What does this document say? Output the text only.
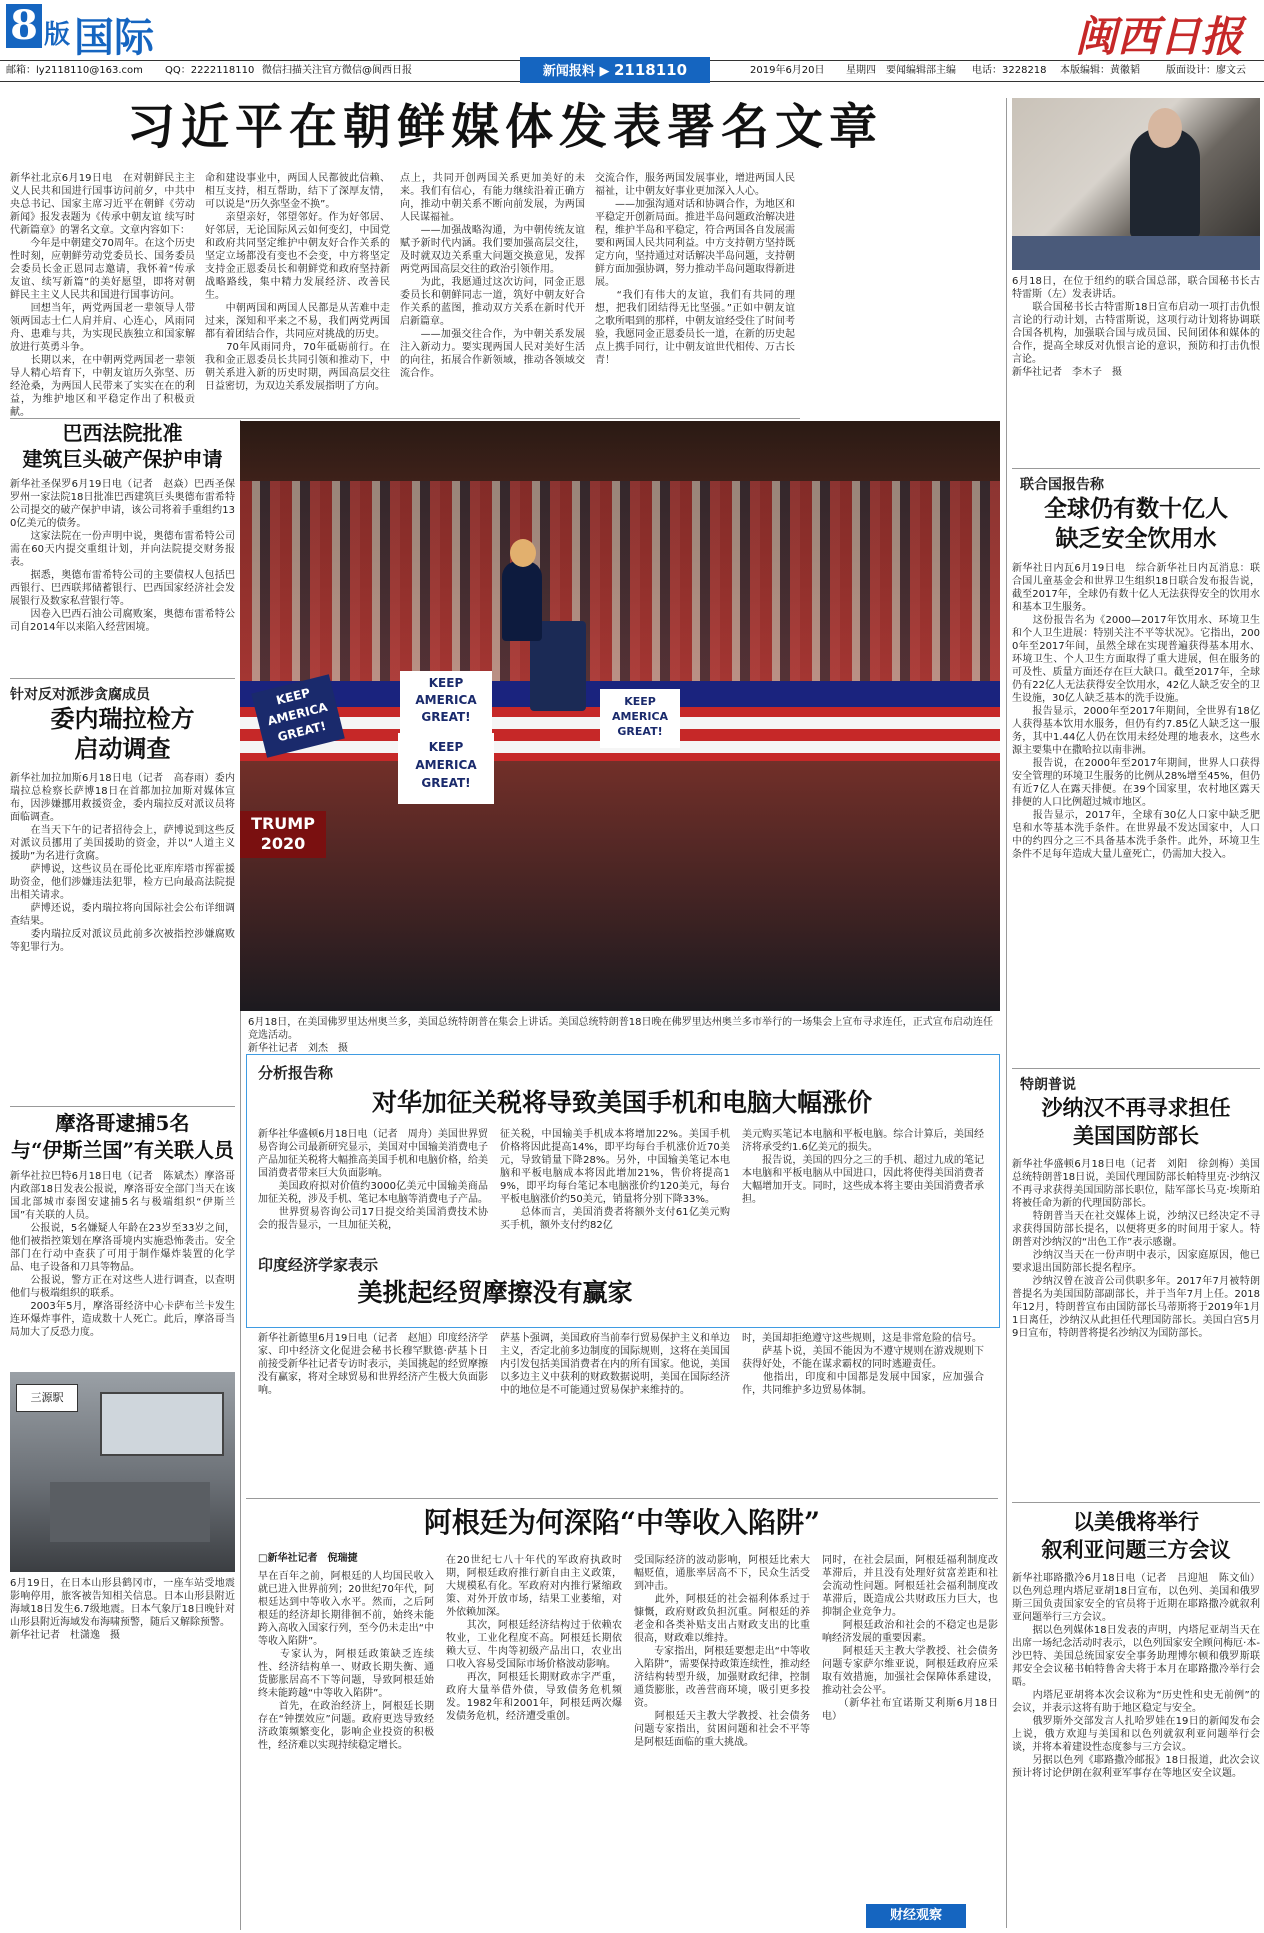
8 版 国际	闽西日报
邮箱：ly2118110@163.com QQ：2222118110 微信扫描关注官方微信@阆西日报	新闻报料 ▶ 2118110	2019年6月20日 星期四 要闻编辑部主编 电话：3228218 本版编辑：黄徽韬	版面设计：廖文云
习近平在朝鲜媒体发表署名文章

新华社北京6月19日电　在对朝鲜民主主义人民共和国进行国事访问前夕，中共中央总书记、国家主席习近平在朝鲜《劳动新闻》报发表题为《传承中朝友谊 续写时代新篇章》的署名文章。文章内容如下：
　　今年是中朝建交70周年。在这个历史性时刻，应朝鲜劳动党委员长、国务委员会委员长金正恩同志邀请，我怀着“传承友谊、续写新篇”的美好愿望，即将对朝鲜民主主义人民共和国进行国事访问。
　　回想当年，两党两国老一辈领导人带领两国志士仁人肩并肩、心连心，风雨同舟、患难与共，为实现民族独立和国家解放进行英勇斗争。
　　长期以来，在中朝两党两国老一辈领导人精心培育下，中朝友谊历久弥坚、历经沧桑，为两国人民带来了实实在在的利益，为维护地区和平稳定作出了积极贡献。

命和建设事业中，两国人民都彼此信赖、相互支持，相互帮助，结下了深厚友情，可以说是“历久弥坚金不换”。
　　亲望亲好，邻望邻好。作为好邻居、好邻居，无论国际风云如何变幻，中国党和政府共同坚定维护中朝友好合作关系的坚定立场都没有变也不会变，中方将坚定支持金正恩委员长和朝鲜党和政府坚持新战略路线，集中精力发展经济、改善民生。
　　中朝两国和两国人民都是从苦难中走过来，深知和平来之不易，我们两党两国都有着团结合作，共同应对挑战的历史。
　　70年风雨同舟，70年砥砺前行。在我和金正恩委员长共同引领和推动下，中朝关系进入新的历史时期，两国高层交往日益密切，为双边关系发展指明了方向。

点上，共同开创两国关系更加美好的未来。我们有信心，有能力继续沿着正确方向，推动中朝关系不断向前发展，为两国人民谋福祉。
　　——加强战略沟通，为中朝传统友谊赋予新时代内涵。我们要加强高层交往，及时就双边关系重大问题交换意见，发挥两党两国高层交往的政治引领作用。
　　为此，我愿通过这次访问，同金正恩委员长和朝鲜同志一道，筑好中朝友好合作关系的蓝图，推动双方关系在新时代开启新篇章。
　　——加强交往合作，为中朝关系发展注入新动力。要实现两国人民对美好生活的向往，拓展合作新领域，推动各领域交流合作。

交流合作，服务两国发展事业，增进两国人民福祉，让中朝友好事业更加深入人心。
　　——加强沟通对话和协调合作，为地区和平稳定开创新局面。推进半岛问题政治解决进程，维护半岛和平稳定，符合两国各自发展需要和两国人民共同利益。中方支持朝方坚持既定方向，坚持通过对话解决半岛问题，支持朝鲜方面加强协调，努力推动半岛问题取得新进展。
　　“我们有伟大的友谊，我们有共同的理想，把我们团结得无比坚强。”正如中朝友谊之歌所唱到的那样，中朝友谊经受住了时间考验，我愿同金正恩委员长一道，在新的历史起点上携手同行，让中朝友谊世代相传、万古长青！

6月18日，在位于纽约的联合国总部，联合国秘书长古特雷斯（左）发表讲话。
　　联合国秘书长古特雷斯18日宣布启动一项打击仇恨言论的行动计划，古特雷斯说，这项行动计划将协调联合国各机构，加强联合国与成员国、民间团体和媒体的合作，提高全球反对仇恨言论的意识，预防和打击仇恨言论。
新华社记者　李木子　摄

巴西法院批准
建筑巨头破产保护申请

新华社圣保罗6月19日电（记者　赵焱）巴西圣保罗州一家法院18日批准巴西建筑巨头奥德布雷希特公司提交的破产保护申请，该公司将着手重组约130亿美元的债务。
　　这家法院在一份声明中说，奥德布雷希特公司需在60天内提交重组计划，并向法院提交财务报表。
　　据悉，奥德布雷希特公司的主要债权人包括巴西银行、巴西联邦储蓄银行、巴西国家经济社会发展银行及数家私营银行等。
　　因卷入巴西石油公司腐败案，奥德布雷希特公司自2014年以来陷入经营困境。

针对反对派涉贪腐成员

委内瑞拉检方
启动调查

新华社加拉加斯6月18日电（记者　高春雨）委内瑞拉总检察长萨博18日在首都加拉加斯对媒体宣布，因涉嫌挪用救援资金，委内瑞拉反对派议员将面临调查。
　　在当天下午的记者招待会上，萨博说到这些反对派议员挪用了美国援助的资金，并以“人道主义援助”为名进行贪腐。
　　萨博说，这些议员在哥伦比亚库库塔市挥霍援助资金，他们涉嫌违法犯罪，检方已向最高法院提出相关请求。
　　萨博还说，委内瑞拉将向国际社会公布详细调查结果。
　　委内瑞拉反对派议员此前多次被指控涉嫌腐败等犯罪行为。

摩洛哥逮捕5名
与“伊斯兰国”有关联人员

新华社拉巴特6月18日电（记者　陈斌杰）摩洛哥内政部18日发表公报说，摩洛哥安全部门当天在该国北部城市泰图安逮捕5名与极端组织“伊斯兰国”有关联的人员。
　　公报说，5名嫌疑人年龄在23岁至33岁之间，他们被指控策划在摩洛哥境内实施恐怖袭击。安全部门在行动中查获了可用于制作爆炸装置的化学品、电子设备和刀具等物品。
　　公报说，警方正在对这些人进行调查，以查明他们与极端组织的联系。
　　2003年5月，摩洛哥经济中心卡萨布兰卡发生连环爆炸事件，造成数十人死亡。此后，摩洛哥当局加大了反恐力度。

三源駅

6月19日，在日本山形县鹤冈市，一座车站受地震影响停用，旅客被告知相关信息。日本山形县附近海域18日发生6.7级地震。日本气象厅18日晚针对山形县附近海域发布海啸预警，随后又解除预警。
新华社记者　杜潇逸　摄

KEEP AMERICA GREAT!
KEEP AMERICA GREAT!
KEEP AMERICA GREAT!
KEEP AMERICA GREAT!
TRUMP 2020

6月18日，在美国佛罗里达州奥兰多，美国总统特朗普在集会上讲话。美国总统特朗普18日晚在佛罗里达州奥兰多市举行的一场集会上宣布寻求连任，正式宣布启动连任竞选活动。
新华社记者　刘杰　摄

分析报告称

对华加征关税将导致美国手机和电脑大幅涨价

新华社华盛顿6月18日电（记者　周舟）美国世界贸易咨询公司最新研究显示，美国对中国输美消费电子产品加征关税将大幅推高美国手机和电脑价格，给美国消费者带来巨大负面影响。
　　美国政府拟对价值约3000亿美元中国输美商品加征关税，涉及手机、笔记本电脑等消费电子产品。
　　世界贸易咨询公司17日提交给美国消费技术协会的报告显示，一旦加征关税，

征关税，中国输美手机成本将增加22%。美国手机价格将因此提高14%，即平均每台手机涨价近70美元，导致销量下降28%。另外，中国输美笔记本电脑和平板电脑成本将因此增加21%，售价将提高19%，即平均每台笔记本电脑涨价约120美元，每台平板电脑涨价约50美元，销量将分别下降33%。
　　总体而言，美国消费者将额外支付61亿美元购买手机，额外支付约82亿

美元购买笔记本电脑和平板电脑。综合计算后，美国经济将承受约1.6亿美元的损失。
　　报告说，美国的四分之三的手机、超过九成的笔记本电脑和平板电脑从中国进口，因此将使得美国消费者大幅增加开支。同时，这些成本将主要由美国消费者承担。

印度经济学家表示

美挑起经贸摩擦没有赢家

新华社新德里6月19日电（记者　赵旭）印度经济学家、印中经济文化促进会秘书长穆罕默德·萨基卜日前接受新华社记者专访时表示，美国挑起的经贸摩擦没有赢家，将对全球贸易和世界经济产生极大负面影响。

萨基卜强调，美国政府当前奉行贸易保护主义和单边主义，否定北前多边制度的国际规则，这将在美国国内引发包括美国消费者在内的所有国家。他说，美国以多边主义中获利的财政数据说明，美国在国际经济中的地位是不可能通过贸易保护来维持的。

时，美国却拒绝遵守这些规则，这是非常危险的信号。
　　萨基卜说，美国不能因为不遵守规则在游戏规则下获得好处，不能在谋求霸权的同时逃避责任。
　　他指出，印度和中国都是发展中国家，应加强合作，共同维护多边贸易体制。

阿根廷为何深陷“中等收入陷阱”

□新华社记者　倪瑞捷

早在百年之前，阿根廷的人均国民收入就已进入世界前列；20世纪70年代，阿根廷达到中等收入水平。然而，之后阿根廷的经济却长期徘徊不前，始终未能跨入高收入国家行列，至今仍未走出“中等收入陷阱”。
　　专家认为，阿根廷政策缺乏连续性、经济结构单一、财政长期失衡、通货膨胀居高不下等问题，导致阿根廷始终未能跨越“中等收入陷阱”。
　　首先，在政治经济上，阿根廷长期存在“钟摆效应”问题。政府更迭导致经济政策频繁变化，影响企业投资的积极性，经济难以实现持续稳定增长。

在20世纪七八十年代的军政府执政时期，阿根廷政府推行新自由主义政策，大规模私有化。军政府对内推行紧缩政策、对外开放市场，结果工业萎缩，对外依赖加深。
　　其次，阿根廷经济结构过于依赖农牧业，工业化程度不高。阿根廷长期依赖大豆、牛肉等初级产品出口，农业出口收入容易受国际市场价格波动影响。
　　再次，阿根廷长期财政赤字严重，政府大量举借外债，导致债务危机频发。1982年和2001年，阿根廷两次爆发债务危机，经济遭受重创。

受国际经济的波动影响，阿根廷比索大幅贬值，通胀率居高不下，民众生活受到冲击。
　　此外，阿根廷的社会福利体系过于慷慨，政府财政负担沉重。阿根廷的养老金和各类补贴支出占财政支出的比重很高，财政难以维持。
　　专家指出，阿根廷要想走出“中等收入陷阱”，需要保持政策连续性，推动经济结构转型升级，加强财政纪律，控制通货膨胀，改善营商环境，吸引更多投资。
　　阿根廷天主教大学教授、社会债务问题专家指出，贫困问题和社会不平等是阿根廷面临的重大挑战。

同时，在社会层面，阿根廷福利制度改革滞后，并且没有处理好贫富差距和社会流动性问题。阿根廷社会福利制度改革滞后，既造成公共财政压力巨大，也抑制企业竞争力。
　　阿根廷政治和社会的不稳定也是影响经济发展的重要因素。
　　阿根廷天主教大学教授、社会债务问题专家萨尔维亚说，阿根廷政府应采取有效措施，加强社会保障体系建设，推动社会公平。
　　（新华社布宜诺斯艾利斯6月18日电）

财经观察

联合国报告称

全球仍有数十亿人
缺乏安全饮用水

新华社日内瓦6月19日电　综合新华社日内瓦消息：联合国儿童基金会和世界卫生组织18日联合发布报告说，截至2017年，全球仍有数十亿人无法获得安全的饮用水和基本卫生服务。
　　这份报告名为《2000—2017年饮用水、环境卫生和个人卫生进展：特别关注不平等状况》。它指出，2000年至2017年间，虽然全球在实现普遍获得基本用水、环境卫生、个人卫生方面取得了重大进展，但在服务的可及性、质量方面还存在巨大缺口。截至2017年，全球仍有22亿人无法获得安全饮用水，42亿人缺乏安全的卫生设施，30亿人缺乏基本的洗手设施。
　　报告显示，2000年至2017年期间，全世界有18亿人获得基本饮用水服务，但仍有约7.85亿人缺乏这一服务，其中1.44亿人仍在饮用未经处理的地表水，这些水源主要集中在撒哈拉以南非洲。
　　报告说，在2000年至2017年期间，世界人口获得安全管理的环境卫生服务的比例从28%增至45%，但仍有近7亿人在露天排便。在39个国家里，农村地区露天排便的人口比例超过城市地区。
　　报告显示，2017年，全球有30亿人口家中缺乏肥皂和水等基本洗手条件。在世界最不发达国家中，人口中的约四分之三不具备基本洗手条件。此外，环境卫生条件不足每年造成大量儿童死亡，仍需加大投入。

特朗普说

沙纳汉不再寻求担任
美国国防部长

新华社华盛顿6月18日电（记者　刘阳　徐剑梅）美国总统特朗普18日说，美国代理国防部长帕特里克·沙纳汉不再寻求获得美国国防部长职位，陆军部长马克·埃斯珀将被任命为新的代理国防部长。
　　特朗普当天在社交媒体上说，沙纳汉已经决定不寻求获得国防部长提名，以便将更多的时间用于家人。特朗普对沙纳汉的“出色工作”表示感谢。
　　沙纳汉当天在一份声明中表示，因家庭原因，他已要求退出国防部长提名程序。
　　沙纳汉曾在波音公司供职多年。2017年7月被特朗普提名为美国国防部副部长，并于当年7月上任。2018年12月，特朗普宣布由国防部长马蒂斯将于2019年1月1日离任，沙纳汉从此担任代理国防部长。美国白宫5月9日宣布，特朗普将提名沙纳汉为国防部长。

以美俄将举行
叙利亚问题三方会议

新华社耶路撒冷6月18日电（记者　吕迎旭　陈文仙）以色列总理内塔尼亚胡18日宣布，以色列、美国和俄罗斯三国负责国家安全的官员将于近期在耶路撒冷就叙利亚问题举行三方会议。
　　据以色列媒体18日发表的声明，内塔尼亚胡当天在出席一场纪念活动时表示，以色列国家安全顾问梅厄·本-沙巴特、美国总统国家安全事务助理博尔顿和俄罗斯联邦安全会议秘书帕特鲁舍夫将于本月在耶路撒冷举行会晤。
　　内塔尼亚胡将本次会议称为“历史性和史无前例”的会议，并表示这将有助于地区稳定与安全。
　　俄罗斯外交部发言人扎哈罗娃在19日的新闻发布会上说，俄方欢迎与美国和以色列就叙利亚问题举行会谈，并将本着建设性态度参与三方会议。
　　另据以色列《耶路撒冷邮报》18日报道，此次会议预计将讨论伊朗在叙利亚军事存在等地区安全议题。
